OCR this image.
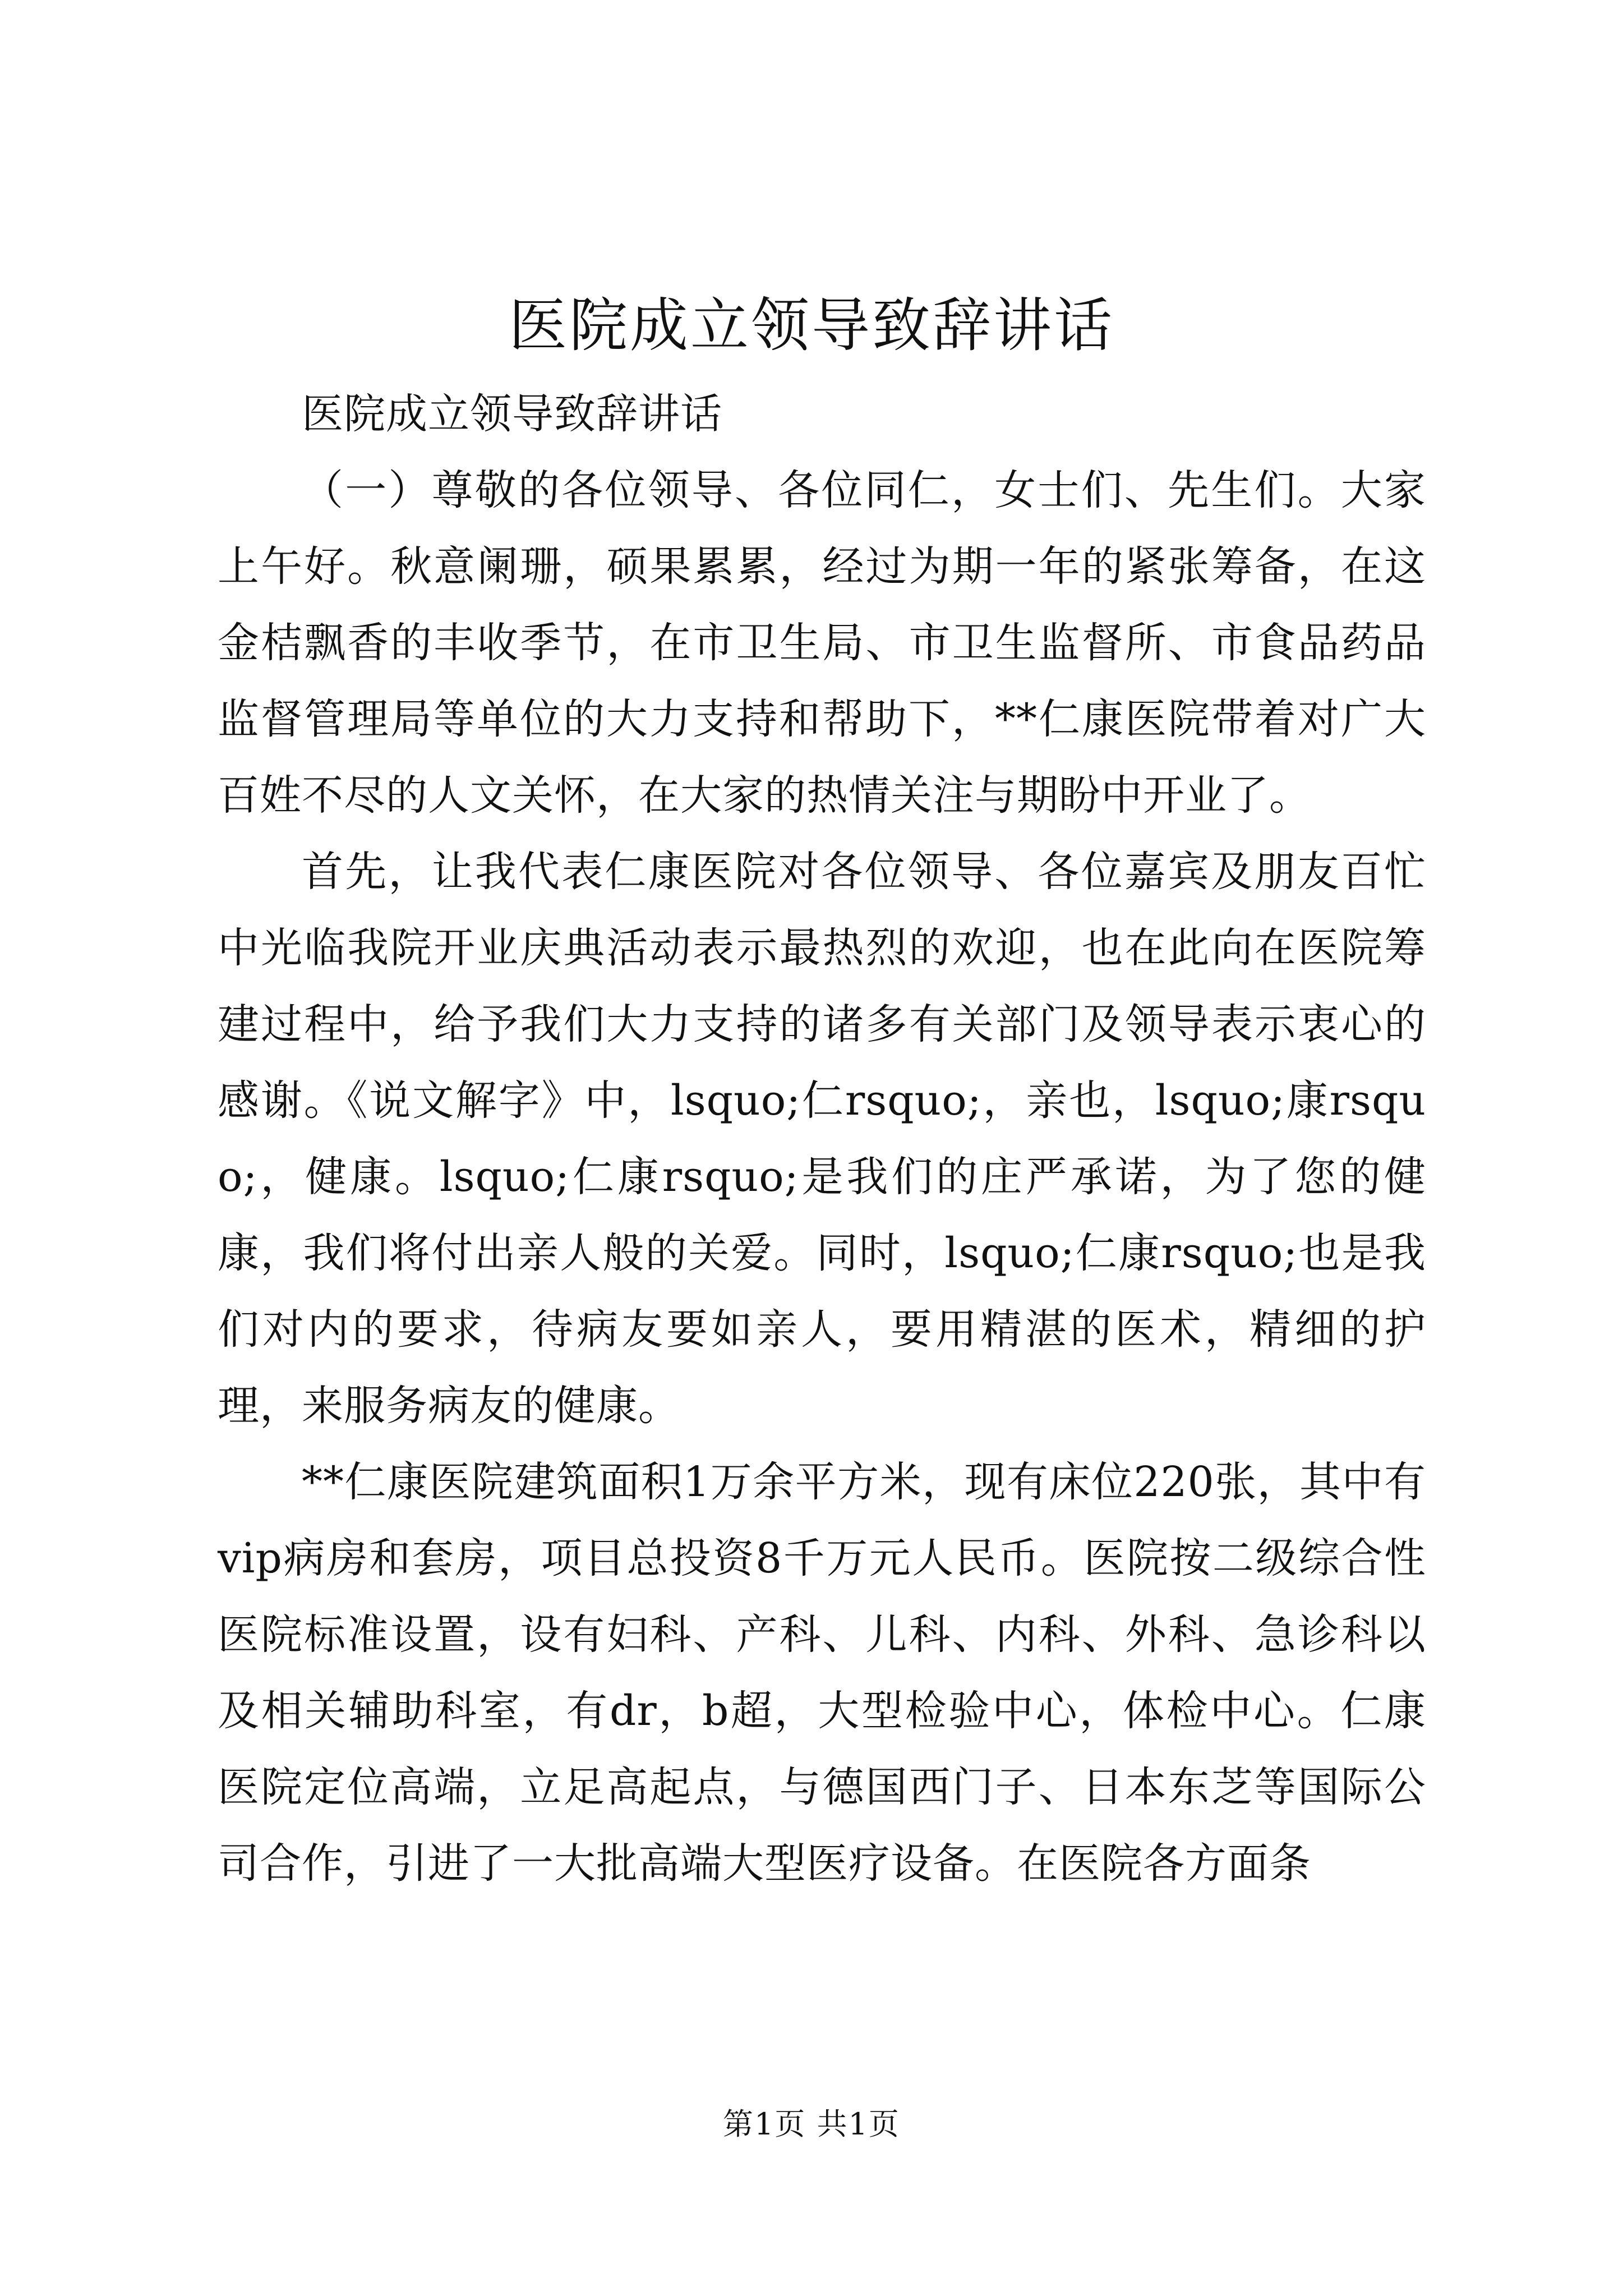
医院成立领导致辞讲话

医院成立领导致辞讲话

（一）尊敬的各位领导、各位同仁，女士们、先生们。大家上午好。秋意阑珊，硕果累累，经过为期一年的紧张筹备，在这金桔飘香的丰收季节，在市卫生局、市卫生监督所、市食品药品监督管理局等单位的大力支持和帮助下，**仁康医院带着对广大百姓不尽的人文关怀，在大家的热情关注与期盼中开业了。

首先，让我代表仁康医院对各位领导、各位嘉宾及朋友百忙中光临我院开业庆典活动表示最热烈的欢迎，也在此向在医院筹建过程中，给予我们大力支持的诸多有关部门及领导表示衷心的感谢。《说文解字》中，lsquo;仁rsquo;，亲也，lsquo;康rsquo;，健康。lsquo;仁康rsquo;是我们的庄严承诺，为了您的健康，我们将付出亲人般的关爱。同时，lsquo;仁康rsquo;也是我们对内的要求，待病友要如亲人，要用精湛的医术，精细的护理，来服务病友的健康。

**仁康医院建筑面积1万余平方米，现有床位220张，其中有vip病房和套房，项目总投资8千万元人民币。医院按二级综合性医院标准设置，设有妇科、产科、儿科、内科、外科、急诊科以及相关辅助科室，有dr，b超，大型检验中心，体检中心。仁康医院定位高端，立足高起点，与德国西门子、日本东芝等国际公司合作，引进了一大批高端大型医疗设备。在医院各方面条

第1页 共1页
